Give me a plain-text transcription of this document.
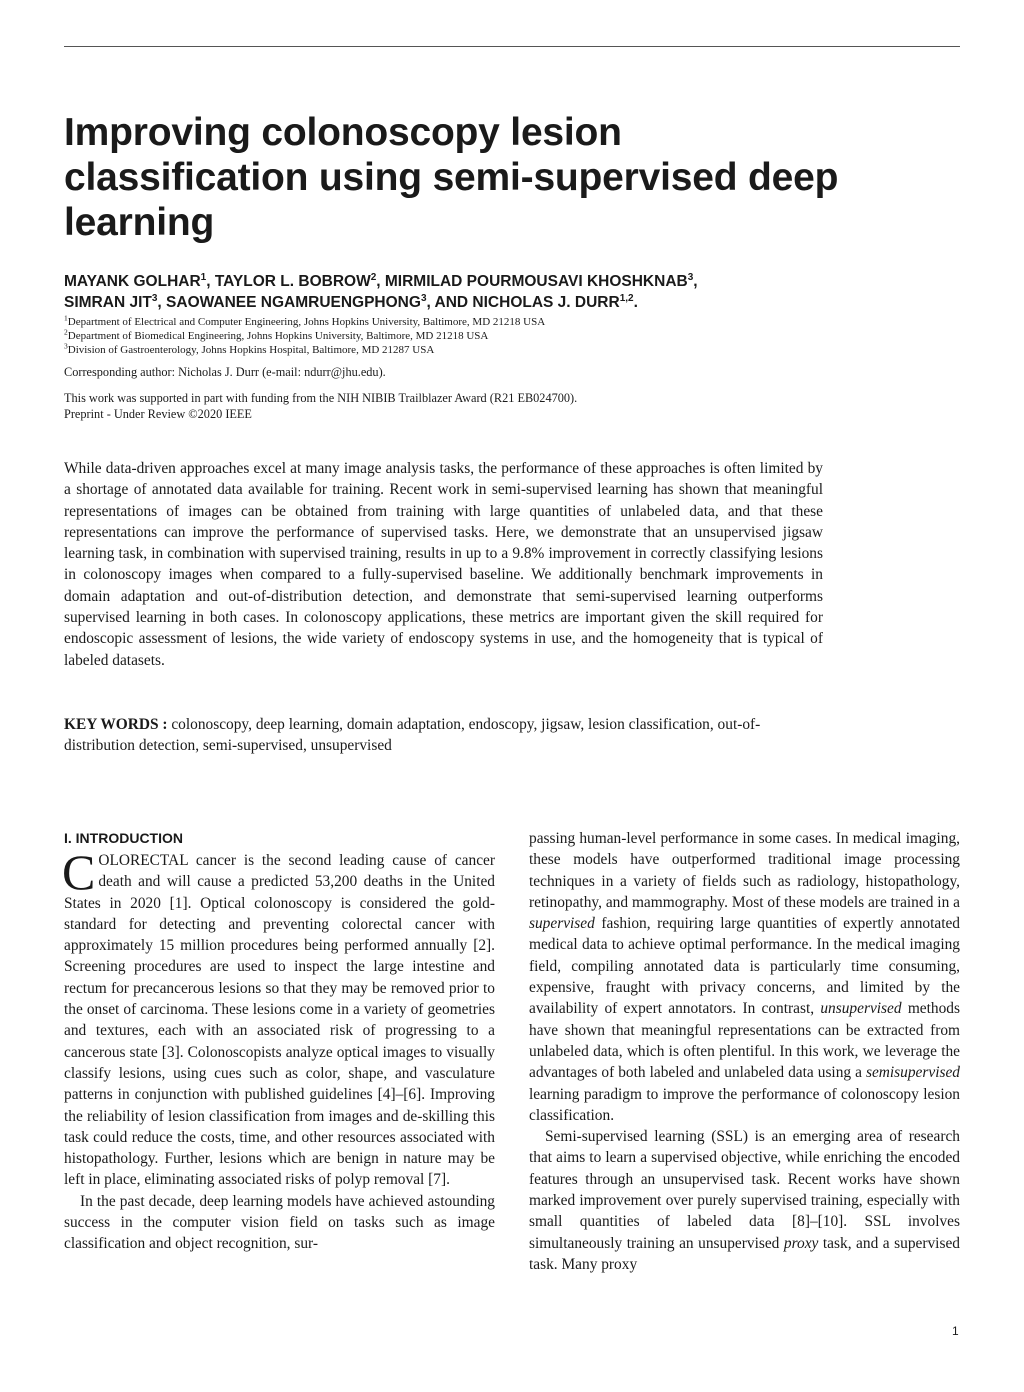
Improving colonoscopy lesion classification using semi-supervised deep learning
MAYANK GOLHAR$^1$, TAYLOR L. BOBROW$^2$, MIRMILAD POURMOUSAVI KHOSHKNAB$^3$,
SIMRAN JIT$^3$, SAOWANEE NGAMRUENGPHONG$^3$, AND NICHOLAS J. DURR$^{1,2}$.
$^1$Department of Electrical and Computer Engineering, Johns Hopkins University, Baltimore, MD 21218 USA
$^2$Department of Biomedical Engineering, Johns Hopkins University, Baltimore, MD 21218 USA
$^3$Division of Gastroenterology, Johns Hopkins Hospital, Baltimore, MD 21287 USA

Corresponding author: Nicholas J. Durr (e-mail: ndurr@jhu.edu).

This work was supported in part with funding from the NIH NIBIB Trailblazer Award (R21 EB024700).
Preprint - Under Review ©2020 IEEE

While data-driven approaches excel at many image analysis tasks, the performance of these approaches is often limited by a shortage of annotated data available for training. Recent work in semi-supervised learning has shown that meaningful representations of images can be obtained from training with large quantities of unlabeled data, and that these representations can improve the performance of supervised tasks. Here, we demonstrate that an unsupervised jigsaw learning task, in combination with supervised training, results in up to a 9.8% improvement in correctly classifying lesions in colonoscopy images when compared to a fully-supervised baseline. We additionally benchmark improvements in domain adaptation and out-of-distribution detection, and demonstrate that semi-supervised learning outperforms supervised learning in both cases. In colonoscopy applications, these metrics are important given the skill required for endoscopic assessment of lesions, the wide variety of endoscopy systems in use, and the homogeneity that is typical of labeled datasets.

KEY WORDS : colonoscopy, deep learning, domain adaptation, endoscopy, jigsaw, lesion classification, out-of-distribution detection, semi-supervised, unsupervised

I. INTRODUCTION

COLORECTAL cancer is the second leading cause of cancer death and will cause a predicted 53,200 deaths in the United States in 2020 [1]. Optical colonoscopy is considered the gold-standard for detecting and preventing colorectal cancer with approximately 15 million procedures being performed annually [2]. Screening procedures are used to inspect the large intestine and rectum for precancerous lesions so that they may be removed prior to the onset of carcinoma. These lesions come in a variety of geometries and textures, each with an associated risk of progressing to a cancerous state [3]. Colonoscopists analyze optical images to visually classify lesions, using cues such as color, shape, and vasculature patterns in conjunction with published guidelines [4]–[6]. Improving the reliability of lesion classification from images and de-skilling this task could reduce the costs, time, and other resources associated with histopathology. Further, lesions which are benign in nature may be left in place, eliminating associated risks of polyp removal [7].

In the past decade, deep learning models have achieved astounding success in the computer vision field on tasks such as image classification and object recognition, sur-

passing human-level performance in some cases. In medical imaging, these models have outperformed traditional image processing techniques in a variety of fields such as radiology, histopathology, retinopathy, and mammography. Most of these models are trained in a supervised fashion, requiring large quantities of expertly annotated medical data to achieve optimal performance. In the medical imaging field, compiling annotated data is particularly time consuming, expensive, fraught with privacy concerns, and limited by the availability of expert annotators. In contrast, unsupervised methods have shown that meaningful representations can be extracted from unlabeled data, which is often plentiful. In this work, we leverage the advantages of both labeled and unlabeled data using a semisupervised learning paradigm to improve the performance of colonoscopy lesion classification.

Semi-supervised learning (SSL) is an emerging area of research that aims to learn a supervised objective, while enriching the encoded features through an unsupervised task. Recent works have shown marked improvement over purely supervised training, especially with small quantities of labeled data [8]–[10]. SSL involves simultaneously training an unsupervised proxy task, and a supervised task. Many proxy

1
